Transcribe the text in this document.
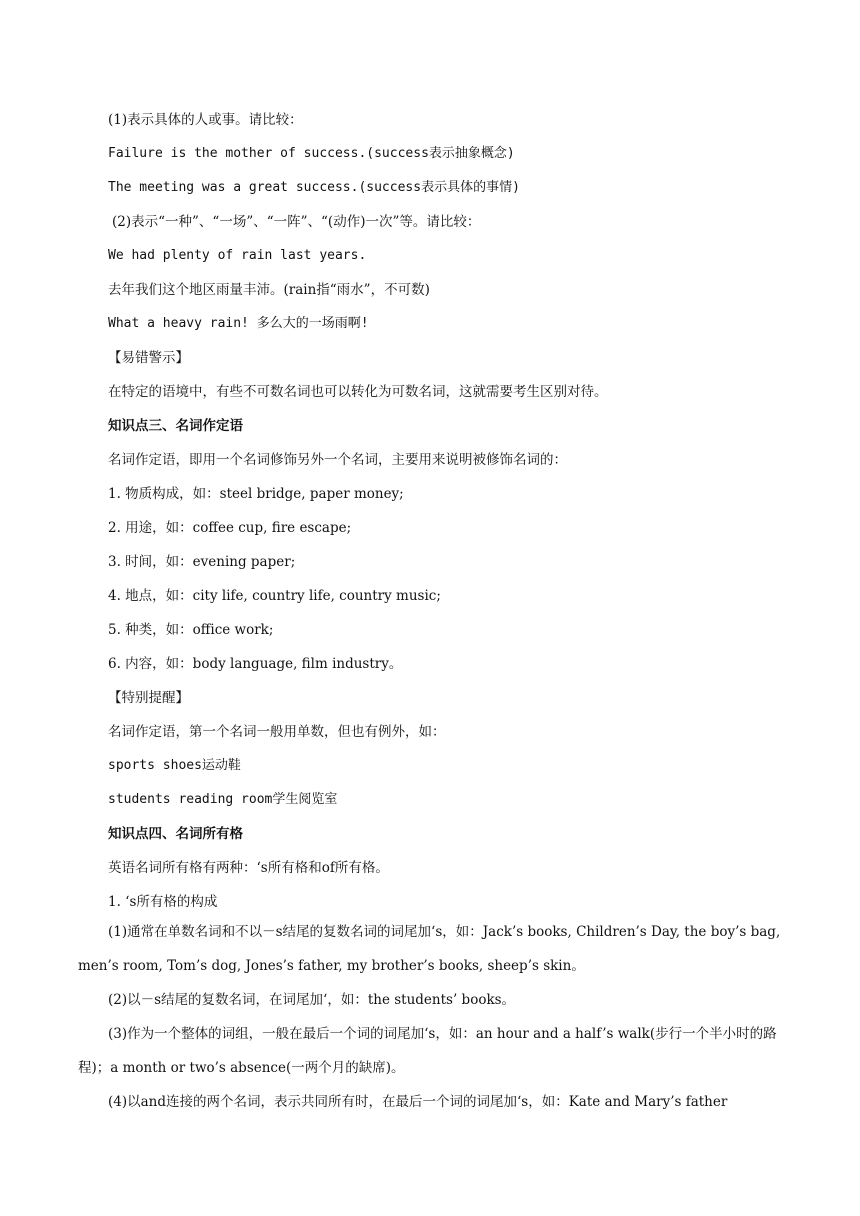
(1)表示具体的人或事。请比较：
Failure is the mother of success.(success表示抽象概念)
The meeting was a great success.(success表示具体的事情)
(2)表示“一种”、“一场”、“一阵”、“(动作)一次”等。请比较：
We had plenty of rain last years.
去年我们这个地区雨量丰沛。(rain指“雨水”，不可数)
What a heavy rain! 多么大的一场雨啊!
【易错警示】
在特定的语境中，有些不可数名词也可以转化为可数名词，这就需要考生区别对待。
知识点三、名词作定语
名词作定语，即用一个名词修饰另外一个名词，主要用来说明被修饰名词的：
1. 物质构成，如：steel bridge, paper money;
2. 用途，如：coffee cup, fire escape;
3. 时间，如：evening paper;
4. 地点，如：city life, country life, country music;
5. 种类，如：office work;
6. 内容，如：body language, film industry。
【特别提醒】
名词作定语，第一个名词一般用单数，但也有例外，如：
sports shoes运动鞋
students reading room学生阅览室
知识点四、名词所有格
英语名词所有格有两种：‘s所有格和of所有格。
1. ‘s所有格的构成
(1)通常在单数名词和不以－s结尾的复数名词的词尾加‘s，如：Jack’s books, Children’s Day, the boy’s bag, men’s room, Tom’s dog, Jones’s father, my brother’s books, sheep’s skin。
(2)以－s结尾的复数名词，在词尾加‘，如：the students’ books。
(3)作为一个整体的词组，一般在最后一个词的词尾加‘s，如：an hour and a half’s walk(步行一个半小时的路程)；a month or two’s absence(一两个月的缺席)。
(4)以and连接的两个名词，表示共同所有时，在最后一个词的词尾加‘s，如：Kate and Mary’s father
